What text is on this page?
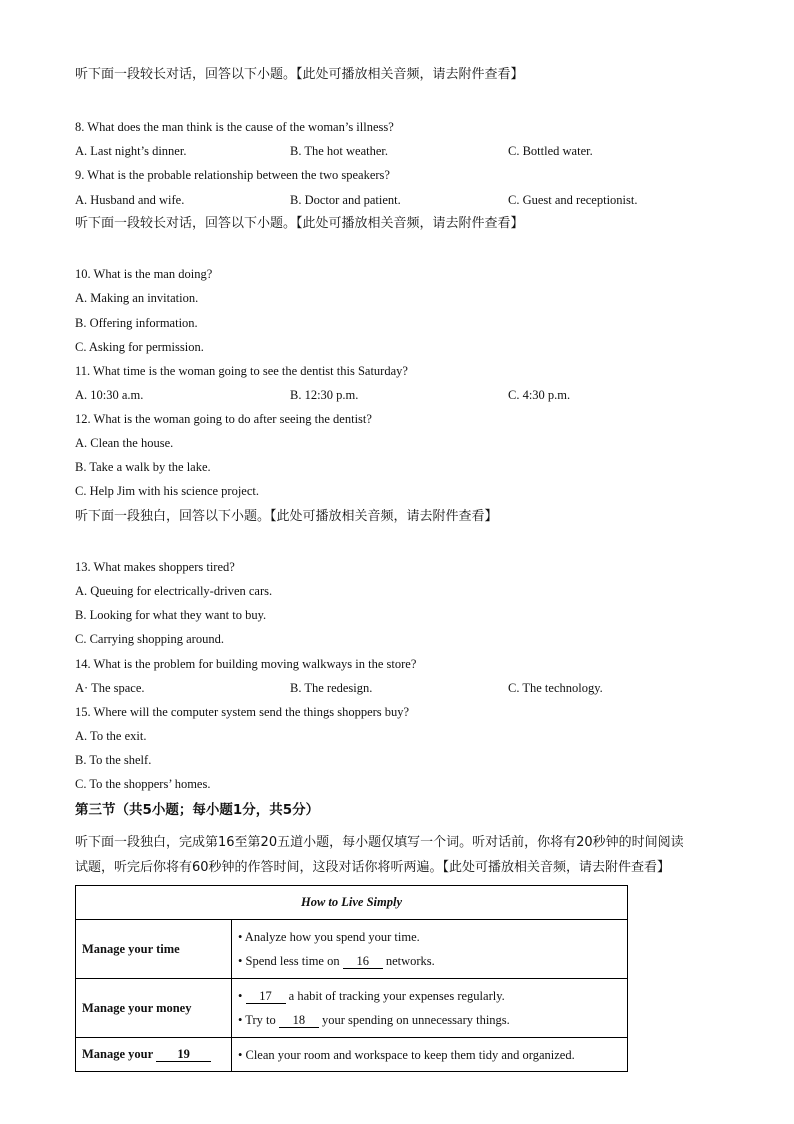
听下面一段较长对话，回答以下小题。【此处可播放相关音频，请去附件查看】
8. What does the man think is the cause of the woman’s illness?
A. Last night’s dinner.	B. The hot weather.	C. Bottled water.
9. What is the probable relationship between the two speakers?
A. Husband and wife.	B. Doctor and patient.	C. Guest and receptionist.
听下面一段较长对话，回答以下小题。【此处可播放相关音频，请去附件查看】
10. What is the man doing?
A. Making an invitation.
B. Offering information.
C. Asking for permission.
11. What time is the woman going to see the dentist this Saturday?
A. 10:30 a.m.	B. 12:30 p.m.	C. 4:30 p.m.
12. What is the woman going to do after seeing the dentist?
A. Clean the house.
B. Take a walk by the lake.
C. Help Jim with his science project.
听下面一段独白，回答以下小题。【此处可播放相关音频，请去附件查看】
13. What makes shoppers tired?
A. Queuing for electrically-driven cars.
B. Looking for what they want to buy.
C. Carrying shopping around.
14. What is the problem for building moving walkways in the store?
A· The space.	B. The redesign.	C. The technology.
15. Where will the computer system send the things shoppers buy?
A. To the exit.
B. To the shelf.
C. To the shoppers’ homes.
第三节（共5小题；每小题1分，共5分）
听下面一段独白，完成第16至第20五道小题，每小题仅填写一个词。听对话前，你将有20秒钟的时间阅读
试题，听完后你将有60秒钟的作答时间，这段对话你将听两遍。【此处可播放相关音频，请去附件查看】
How to Live Simply	
Manage your time	• Analyze how you spend your time.
• Spend less time on 16 networks.

Manage your money	• 17 a habit of tracking your expenses regularly.
• Try to 18 your spending on unnecessary things.

Manage your 19	• Clean your room and workspace to keep them tidy and organized.
